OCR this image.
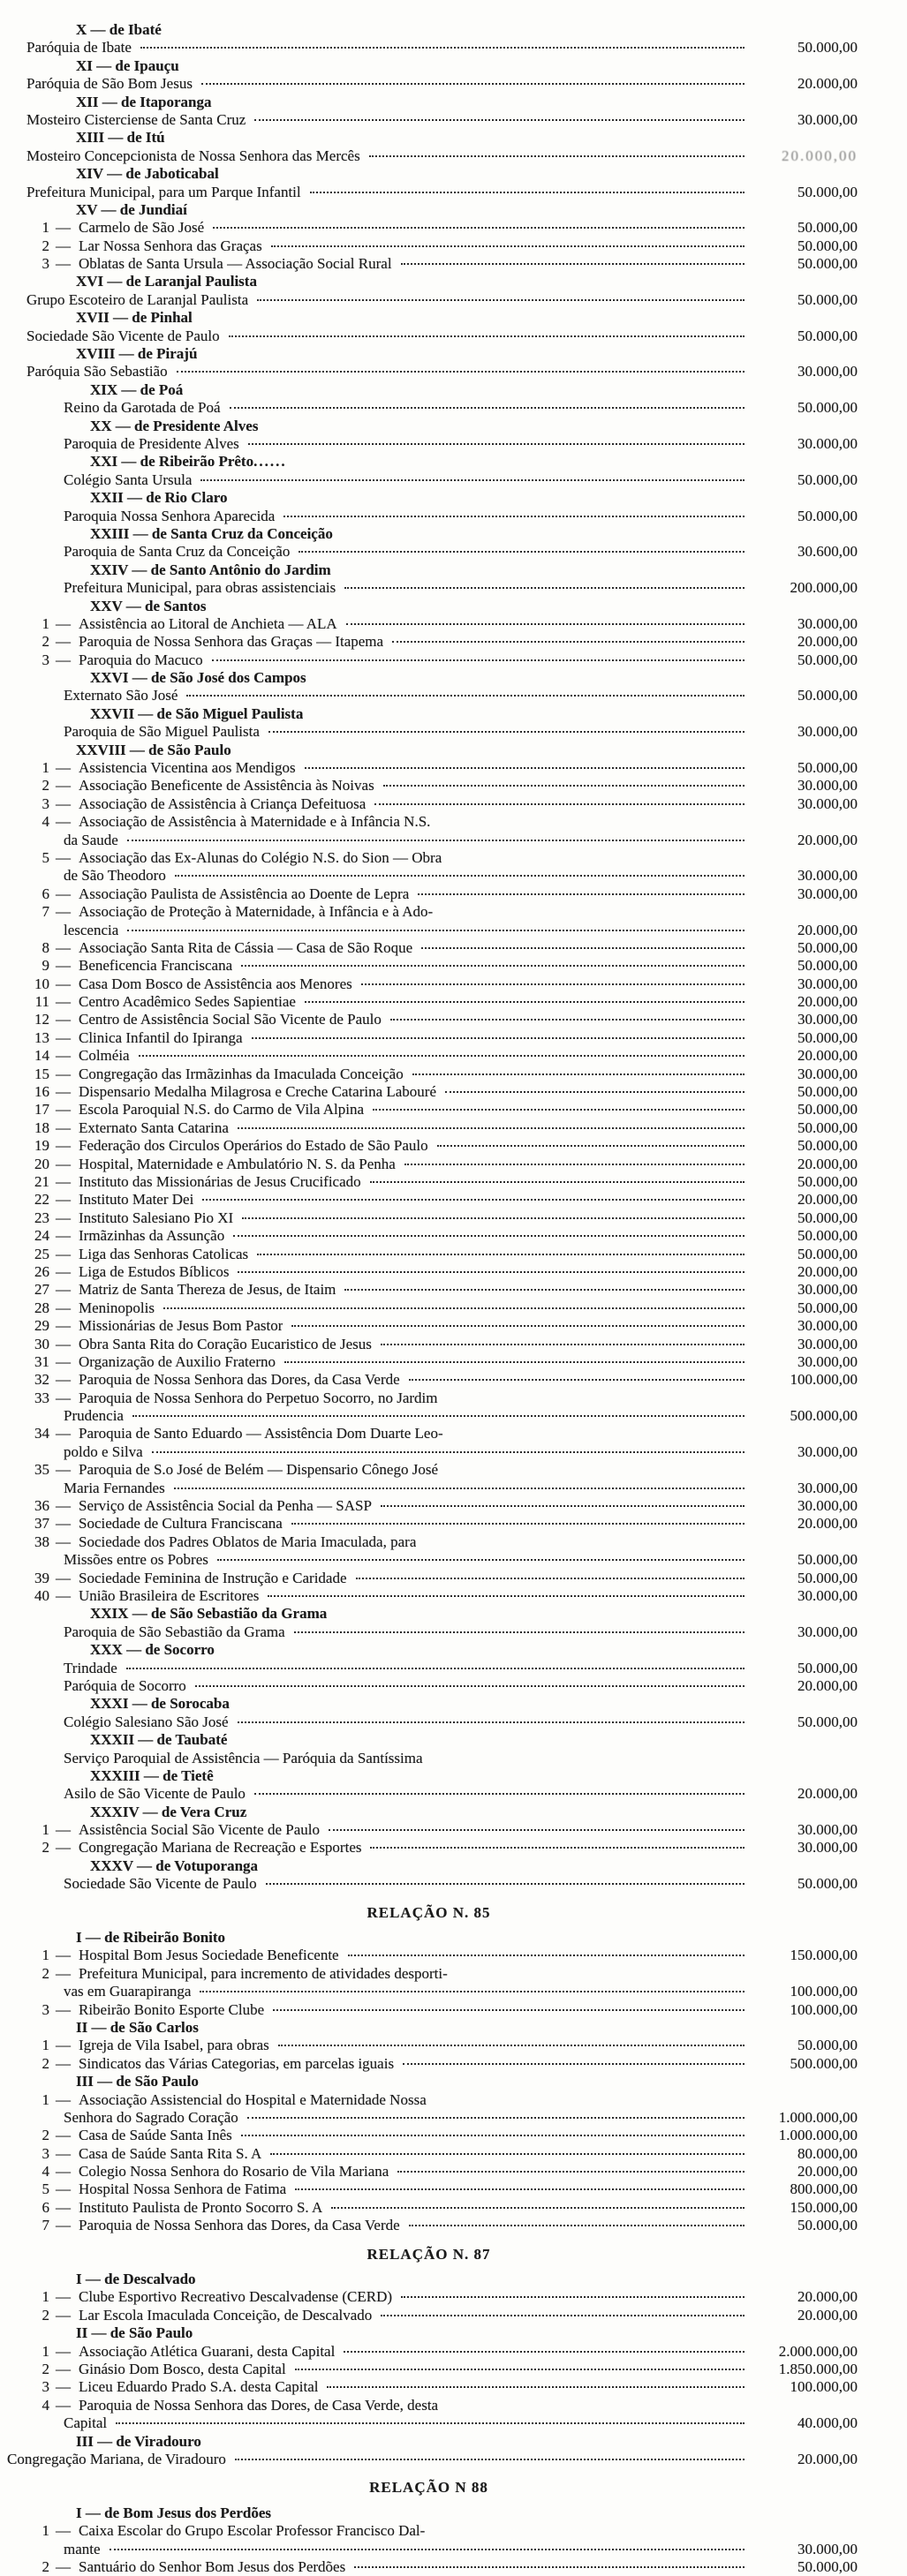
X — de Ibaté
Paróquia de Ibate	50.000,00
XI — de Ipauçu
Paróquia de São Bom Jesus	20.000,00
XII — de Itaporanga
Mosteiro Cisterciense de Santa Cruz	30.000,00
XIII — de Itú
Mosteiro Concepcionista de Nossa Senhora das Mercês	20.000,00
XIV — de Jaboticabal
Prefeitura Municipal, para um Parque Infantil	50.000,00
XV — de Jundiaí
1 — Carmelo de São José	50.000,00
2 — Lar Nossa Senhora das Graças	50.000,00
3 — Oblatas de Santa Ursula — Associação Social Rural	50.000,00
XVI — de Laranjal Paulista
Grupo Escoteiro de Laranjal Paulista	50.000,00
XVII — de Pinhal
Sociedade São Vicente de Paulo	50.000,00
XVIII — de Pirajú
Paróquia São Sebastião	30.000,00
XIX — de Poá
Reino da Garotada de Poá	50.000,00
XX — de Presidente Alves
Paroquia de Presidente Alves	30.000,00
XXI — de Ribeirão Prêto ......
Colégio Santa Ursula	50.000,00
XXII — de Rio Claro
Paroquia Nossa Senhora Aparecida	50.000,00
XXIII — de Santa Cruz da Conceição
Paroquia de Santa Cruz da Conceição	30.600,00
XXIV — de Santo Antônio do Jardim
Prefeitura Municipal, para obras assistenciais	200.000,00
XXV — de Santos
1 — Assistência ao Litoral de Anchieta — ALA	30.000,00
2 — Paroquia de Nossa Senhora das Graças — Itapema	20.000,00
3 — Paroquia do Macuco	50.000,00
XXVI — de São José dos Campos
Externato São José	50.000,00
XXVII — de São Miguel Paulista
Paroquia de São Miguel Paulista	30.000,00
XXVIII — de São Paulo
1 — Assistencia Vicentina aos Mendigos	50.000,00
2 — Associação Beneficente de Assistência às Noivas	30.000,00
3 — Associação de Assistência à Criança Defeituosa	30.000,00
4 — Associação de Assistência à Maternidade e à Infância N.S.
da Saude	20.000,00
5 — Associação das Ex-Alunas do Colégio N.S. do Sion — Obra
de São Theodoro	30.000,00
6 — Associação Paulista de Assistência ao Doente de Lepra	30.000,00
7 — Associação de Proteção à Maternidade, à Infância e à Ado-
lescencia	20.000,00
8 — Associação Santa Rita de Cássia — Casa de São Roque	50.000,00
9 — Beneficencia Franciscana	50.000,00
10 — Casa Dom Bosco de Assistência aos Menores	30.000,00
11 — Centro Acadêmico Sedes Sapientiae	20.000,00
12 — Centro de Assistência Social São Vicente de Paulo	30.000,00
13 — Clinica Infantil do Ipiranga	50.000,00
14 — Colméia	20.000,00
15 — Congregação das Irmãzinhas da Imaculada Conceição	30.000,00
16 — Dispensario Medalha Milagrosa e Creche Catarina Labouré	50.000,00
17 — Escola Paroquial N.S. do Carmo de Vila Alpina	50.000,00
18 — Externato Santa Catarina	50.000,00
19 — Federação dos Circulos Operários do Estado de São Paulo	50.000,00
20 — Hospital, Maternidade e Ambulatório N. S. da Penha	20.000,00
21 — Instituto das Missionárias de Jesus Crucificado	50.000,00
22 — Instituto Mater Dei	20.000,00
23 — Instituto Salesiano Pio XI	50.000,00
24 — Irmãzinhas da Assunção	50.000,00
25 — Liga das Senhoras Catolicas	50.000,00
26 — Liga de Estudos Bíblicos	20.000,00
27 — Matriz de Santa Thereza de Jesus, de Itaim	30.000,00
28 — Meninopolis	50.000,00
29 — Missionárias de Jesus Bom Pastor	30.000,00
30 — Obra Santa Rita do Coração Eucaristico de Jesus	30.000,00
31 — Organização de Auxilio Fraterno	30.000,00
32 — Paroquia de Nossa Senhora das Dores, da Casa Verde	100.000,00
33 — Paroquia de Nossa Senhora do Perpetuo Socorro, no Jardim
Prudencia	500.000,00
34 — Paroquia de Santo Eduardo — Assistência Dom Duarte Leo-
poldo e Silva	30.000,00
35 — Paroquia de S.o José de Belém — Dispensario Cônego José
Maria Fernandes	30.000,00
36 — Serviço de Assistência Social da Penha — SASP	30.000,00
37 — Sociedade de Cultura Franciscana	20.000,00
38 — Sociedade dos Padres Oblatos de Maria Imaculada, para
Missões entre os Pobres	50.000,00
39 — Sociedade Feminina de Instrução e Caridade	50.000,00
40 — União Brasileira de Escritores	30.000,00
XXIX — de São Sebastião da Grama
Paroquia de São Sebastião da Grama	30.000,00
XXX — de Socorro
Trindade	50.000,00
Paróquia de Socorro	20.000,00
XXXI — de Sorocaba
Colégio Salesiano São José	50.000,00
XXXII — de Taubaté
Serviço Paroquial de Assistência — Paróquia da Santíssima
XXXIII — de Tietê
Asilo de São Vicente de Paulo	20.000,00
XXXIV — de Vera Cruz
1 — Assistência Social São Vicente de Paulo	30.000,00
2 — Congregação Mariana de Recreação e Esportes	30.000,00
XXXV — de Votuporanga
Sociedade São Vicente de Paulo	50.000,00
RELAÇÃO N. 85
I — de Ribeirão Bonito
1 — Hospital Bom Jesus Sociedade Beneficente	150.000,00
2 — Prefeitura Municipal, para incremento de atividades desporti-
vas em Guarapiranga	100.000,00
3 — Ribeirão Bonito Esporte Clube	100.000,00
II — de São Carlos
1 — Igreja de Vila Isabel, para obras	50.000,00
2 — Sindicatos das Várias Categorias, em parcelas iguais	500.000,00
III — de São Paulo
1 — Associação Assistencial do Hospital e Maternidade Nossa
Senhora do Sagrado Coração	1.000.000,00
2 — Casa de Saúde Santa Inês	1.000.000,00
3 — Casa de Saúde Santa Rita S. A	80.000,00
4 — Colegio Nossa Senhora do Rosario de Vila Mariana	20.000,00
5 — Hospital Nossa Senhora de Fatima	800.000,00
6 — Instituto Paulista de Pronto Socorro S. A	150.000,00
7 — Paroquia de Nossa Senhora das Dores, da Casa Verde	50.000,00
RELAÇÃO N. 87
I — de Descalvado
1 — Clube Esportivo Recreativo Descalvadense (CERD)	20.000,00
2 — Lar Escola Imaculada Conceição, de Descalvado	20.000,00
II — de São Paulo
1 — Associação Atlética Guarani, desta Capital	2.000.000,00
2 — Ginásio Dom Bosco, desta Capital	1.850.000,00
3 — Liceu Eduardo Prado S.A. desta Capital	100.000,00
4 — Paroquia de Nossa Senhora das Dores, de Casa Verde, desta
Capital	40.000,00
III — de Viradouro
Congregação Mariana, de Viradouro	20.000,00
RELAÇÃO N 88
I — de Bom Jesus dos Perdões
1 — Caixa Escolar do Grupo Escolar Professor Francisco Dal-
mante	30.000,00
2 — Santuário do Senhor Bom Jesus dos Perdões	50.000,00
